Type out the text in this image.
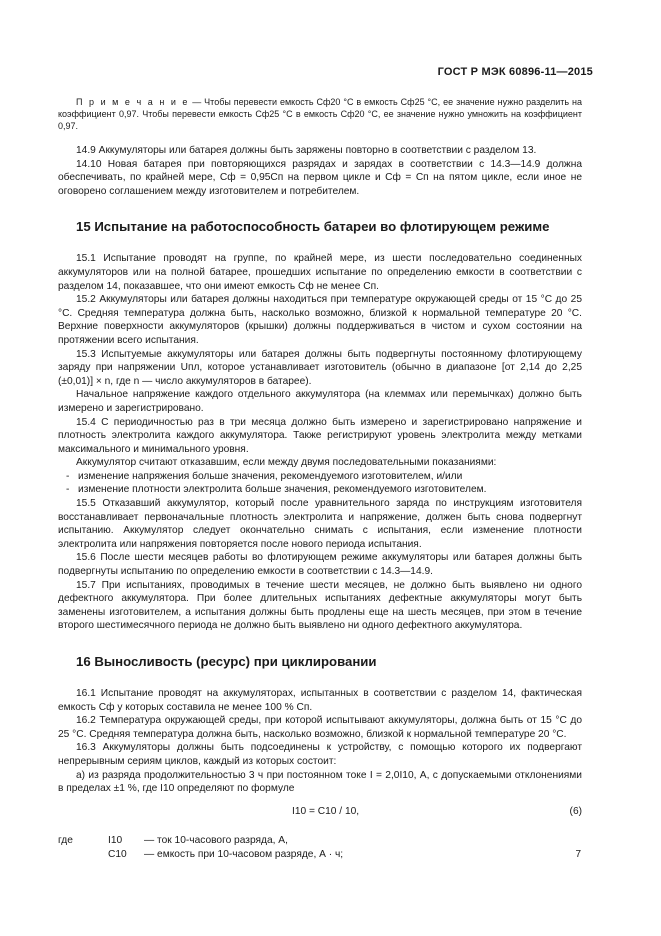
ГОСТ Р МЭК 60896-11—2015

П р и м е ч а н и е — Чтобы перевести емкость Cф20 °C в емкость Cф25 °C, ее значение нужно разделить на коэффициент 0,97. Чтобы перевести емкость Cф25 °C в емкость Cф20 °C, ее значение нужно умножить на коэффициент 0,97.

14.9 Аккумуляторы или батарея должны быть заряжены повторно в соответствии с разделом 13.

14.10 Новая батарея при повторяющихся разрядах и зарядах в соответствии с 14.3—14.9 должна обеспечивать, по крайней мере, Cф = 0,95Cп на первом цикле и Cф = Cп на пятом цикле, если иное не оговорено соглашением между изготовителем и потребителем.

15 Испытание на работоспособность батареи во флотирующем режиме

15.1 Испытание проводят на группе, по крайней мере, из шести последовательно соединенных аккумуляторов или на полной батарее, прошедших испытание по определению емкости в соответствии с разделом 14, показавшее, что они имеют емкость Cф не менее Cп.

15.2 Аккумуляторы или батарея должны находиться при температуре окружающей среды от 15 °C до 25 °C. Средняя температура должна быть, насколько возможно, близкой к нормальной температуре 20 °C. Верхние поверхности аккумуляторов (крышки) должны поддерживаться в чистом и сухом состоянии на протяжении всего испытания.

15.3 Испытуемые аккумуляторы или батарея должны быть подвергнуты постоянному флотирующему заряду при напряжении Uпл, которое устанавливает изготовитель (обычно в диапазоне [от 2,14 до 2,25 (±0,01)] × n, где n — число аккумуляторов в батарее).

Начальное напряжение каждого отдельного аккумулятора (на клеммах или перемычках) должно быть измерено и зарегистрировано.

15.4 С периодичностью раз в три месяца должно быть измерено и зарегистрировано напряжение и плотность электролита каждого аккумулятора. Также регистрируют уровень электролита между метками максимального и минимального уровня.

Аккумулятор считают отказавшим, если между двумя последовательными показаниями:

- изменение напряжения больше значения, рекомендуемого изготовителем, и/или

- изменение плотности электролита больше значения, рекомендуемого изготовителем.

15.5 Отказавший аккумулятор, который после уравнительного заряда по инструкциям изготовителя восстанавливает первоначальные плотность электролита и напряжение, должен быть снова подвергнут испытанию. Аккумулятор следует окончательно снимать с испытания, если изменение плотности электролита или напряжения повторяется после нового периода испытания.

15.6 После шести месяцев работы во флотирующем режиме аккумуляторы или батарея должны быть подвергнуты испытанию по определению емкости в соответствии с 14.3—14.9.

15.7 При испытаниях, проводимых в течение шести месяцев, не должно быть выявлено ни одного дефектного аккумулятора. При более длительных испытаниях дефектные аккумуляторы могут быть заменены изготовителем, а испытания должны быть продлены еще на шесть месяцев, при этом в течение второго шестимесячного периода не должно быть выявлено ни одного дефектного аккумулятора.

16 Выносливость (ресурс) при циклировании

16.1 Испытание проводят на аккумуляторах, испытанных в соответствии с разделом 14, фактическая емкость Cф у которых составила не менее 100 % Cп.

16.2 Температура окружающей среды, при которой испытывают аккумуляторы, должна быть от 15 °C до 25 °C. Средняя температура должна быть, насколько возможно, близкой к нормальной температуре 20 °C.

16.3 Аккумуляторы должны быть подсоединены к устройству, с помощью которого их подвергают непрерывным сериям циклов, каждый из которых состоит:

а) из разряда продолжительностью 3 ч при постоянном токе I = 2,0I10, А, с допускаемыми отклонениями в пределах ±1 %, где I10 определяют по формуле

I10 = C10 / 10,	(6)
где	I10 — ток 10-часового разряда, А,
C10 — емкость при 10-часовом разряде, А · ч;	7
